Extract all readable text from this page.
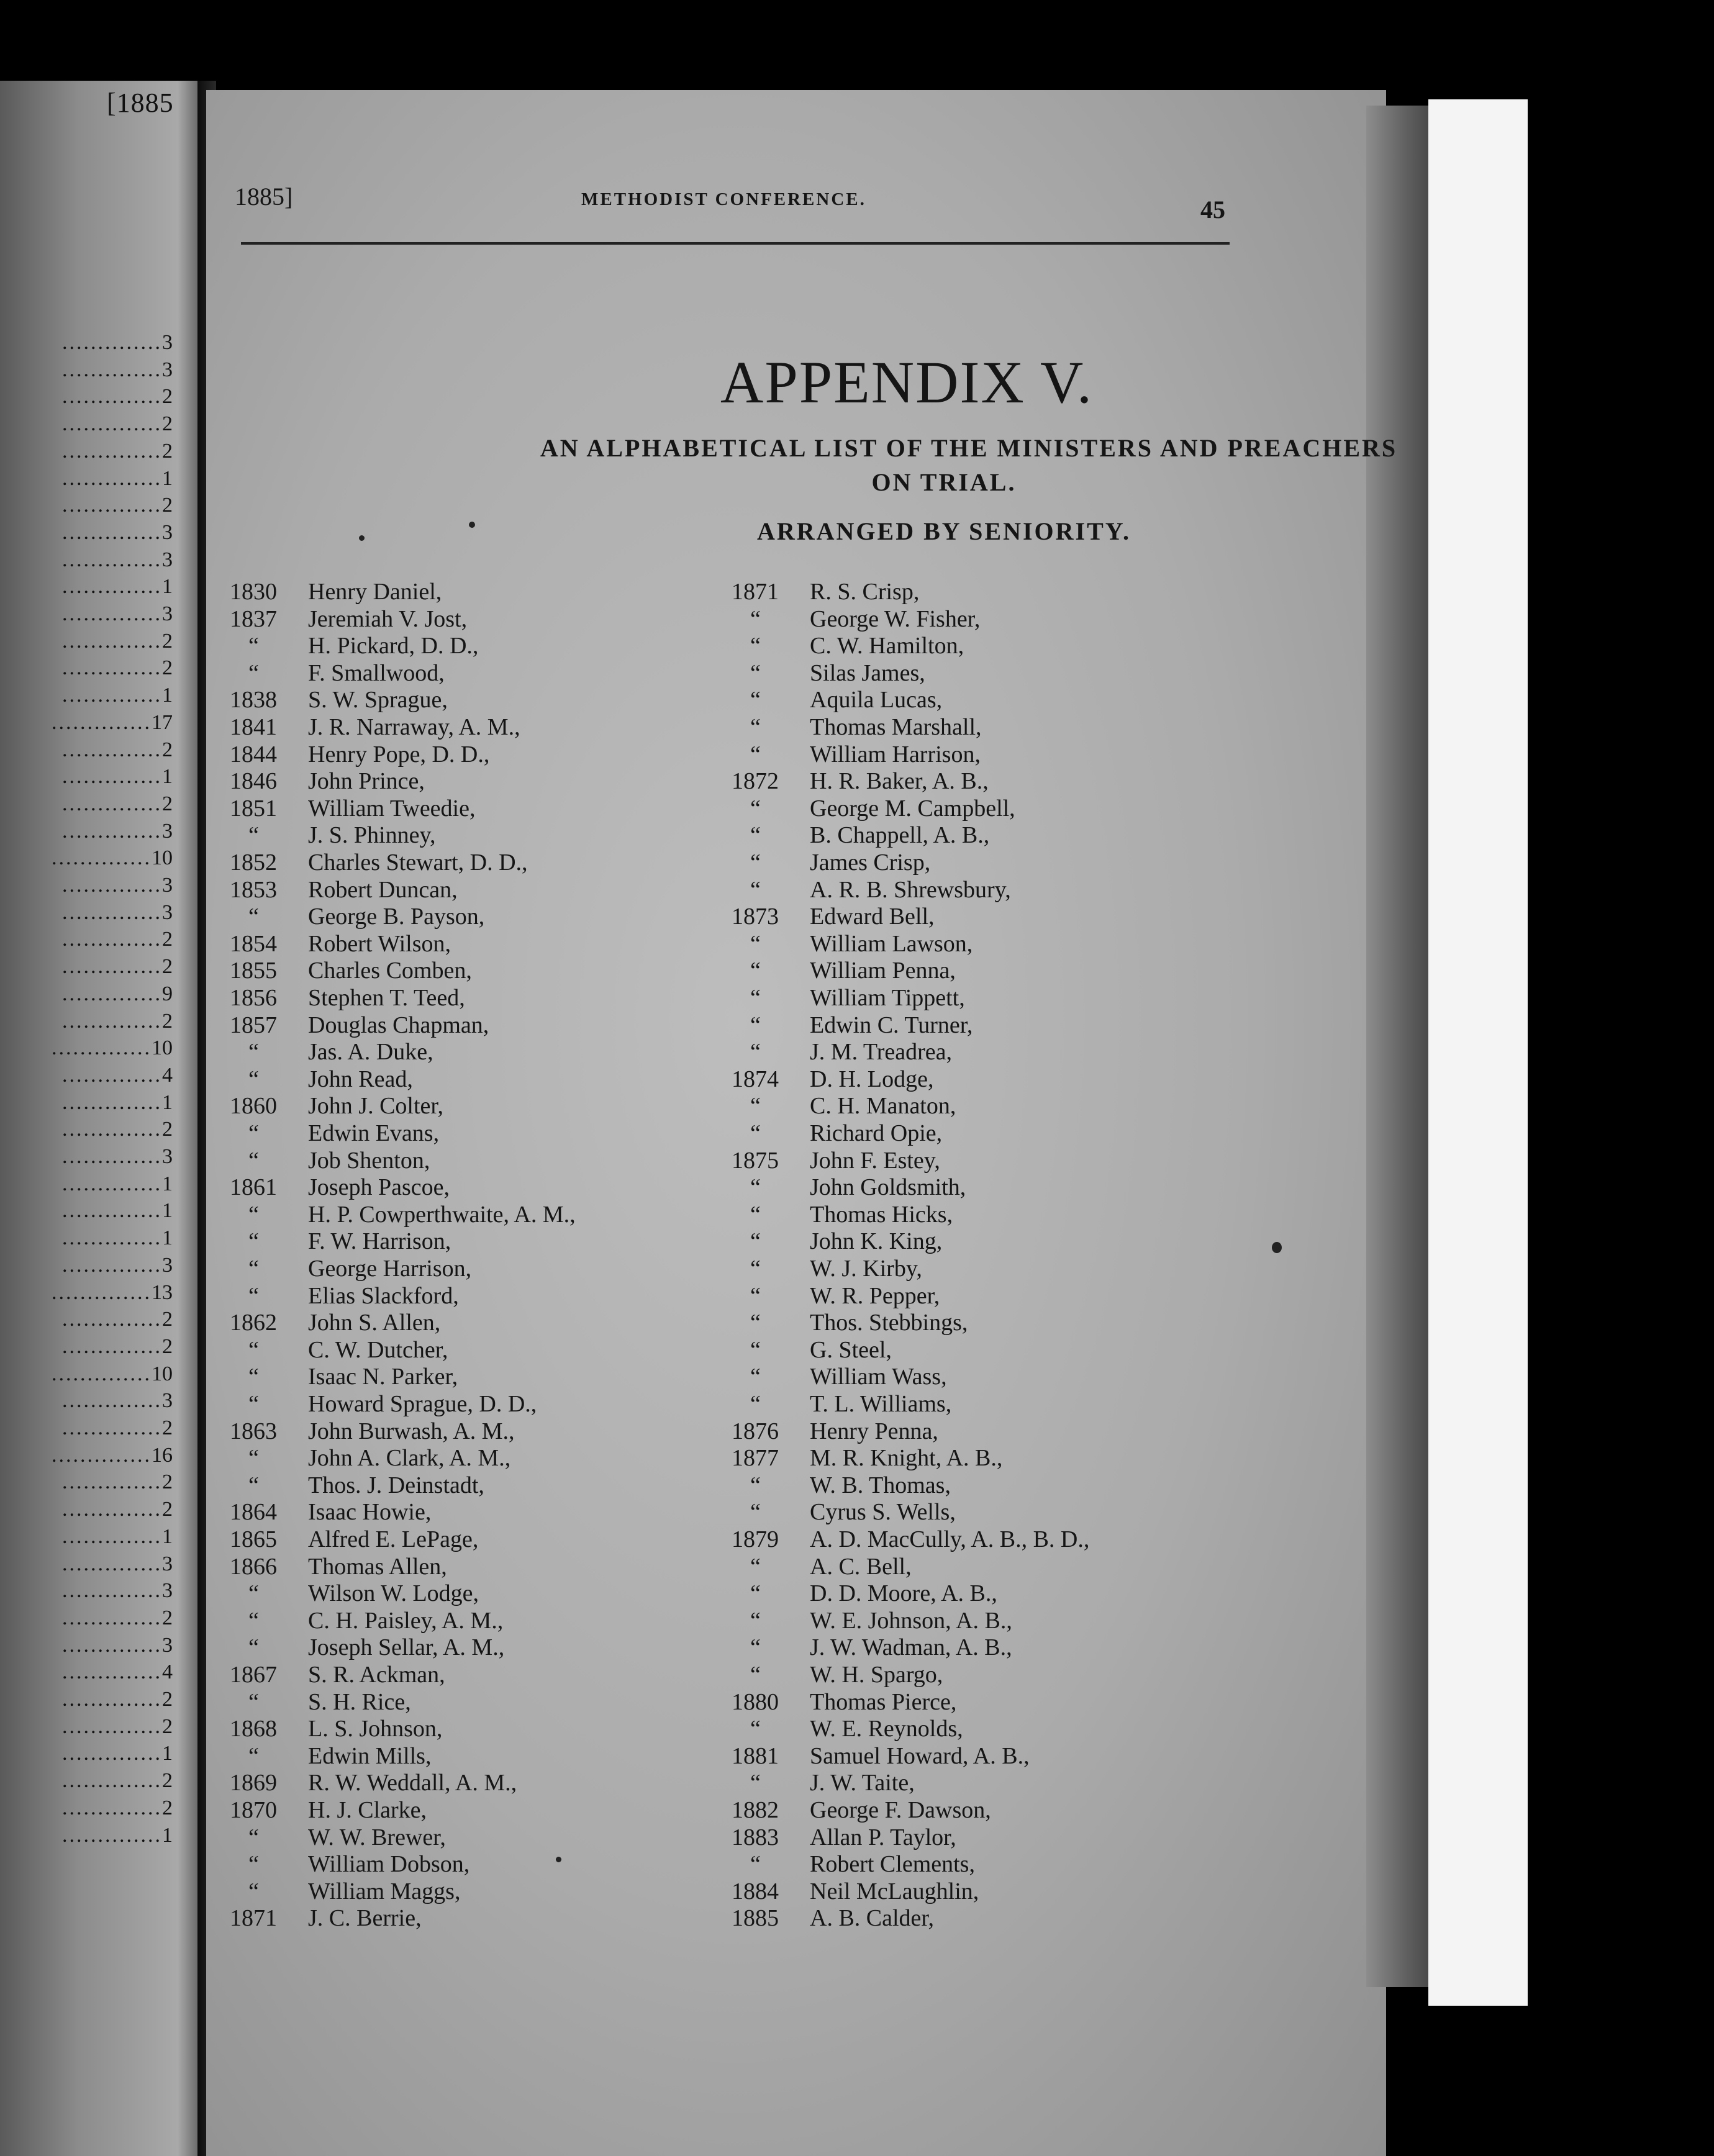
[1885
..............3
..............3
..............2
..............2
..............2
..............1
..............2
..............3
..............3
..............1
..............3
..............2
..............2
..............1
..............17
..............2
..............1
..............2
..............3
..............10
..............3
..............3
..............2
..............2
..............9
..............2
..............10
..............4
..............1
..............2
..............3
..............1
..............1
..............1
..............3
..............13
..............2
..............2
..............10
..............3
..............2
..............16
..............2
..............2
..............1
..............3
..............3
..............2
..............3
..............4
..............2
..............2
..............1
..............2
..............2
..............1
1885]	METHODIST CONFERENCE.	45
APPENDIX V.
AN ALPHABETICAL LIST OF THE MINISTERS AND PREACHERS
ON TRIAL.
ARRANGED BY SENIORITY.
1830	Henry Daniel,
1837	Jeremiah V. Jost,
“	H. Pickard, D. D.,
“	F. Smallwood,
1838	S. W. Sprague,
1841	J. R. Narraway, A. M.,
1844	Henry Pope, D. D.,
1846	John Prince,
1851	William Tweedie,
“	J. S. Phinney,
1852	Charles Stewart, D. D.,
1853	Robert Duncan,
“	George B. Payson,
1854	Robert Wilson,
1855	Charles Comben,
1856	Stephen T. Teed,
1857	Douglas Chapman,
“	Jas. A. Duke,
“	John Read,
1860	John J. Colter,
“	Edwin Evans,
“	Job Shenton,
1861	Joseph Pascoe,
“	H. P. Cowperthwaite, A. M.,
“	F. W. Harrison,
“	George Harrison,
“	Elias Slackford,
1862	John S. Allen,
“	C. W. Dutcher,
“	Isaac N. Parker,
“	Howard Sprague, D. D.,
1863	John Burwash, A. M.,
“	John A. Clark, A. M.,
“	Thos. J. Deinstadt,
1864	Isaac Howie,
1865	Alfred E. LePage,
1866	Thomas Allen,
“	Wilson W. Lodge,
“	C. H. Paisley, A. M.,
“	Joseph Sellar, A. M.,
1867	S. R. Ackman,
“	S. H. Rice,
1868	L. S. Johnson,
“	Edwin Mills,
1869	R. W. Weddall, A. M.,
1870	H. J. Clarke,
“	W. W. Brewer,
“	William Dobson,
“	William Maggs,
1871	J. C. Berrie,
1871	R. S. Crisp,
“	George W. Fisher,
“	C. W. Hamilton,
“	Silas James,
“	Aquila Lucas,
“	Thomas Marshall,
“	William Harrison,
1872	H. R. Baker, A. B.,
“	George M. Campbell,
“	B. Chappell, A. B.,
“	James Crisp,
“	A. R. B. Shrewsbury,
1873	Edward Bell,
“	William Lawson,
“	William Penna,
“	William Tippett,
“	Edwin C. Turner,
“	J. M. Treadrea,
1874	D. H. Lodge,
“	C. H. Manaton,
“	Richard Opie,
1875	John F. Estey,
“	John Goldsmith,
“	Thomas Hicks,
“	John K. King,
“	W. J. Kirby,
“	W. R. Pepper,
“	Thos. Stebbings,
“	G. Steel,
“	William Wass,
“	T. L. Williams,
1876	Henry Penna,
1877	M. R. Knight, A. B.,
“	W. B. Thomas,
“	Cyrus S. Wells,
1879	A. D. MacCully, A. B., B. D.,
“	A. C. Bell,
“	D. D. Moore, A. B.,
“	W. E. Johnson, A. B.,
“	J. W. Wadman, A. B.,
“	W. H. Spargo,
1880	Thomas Pierce,
“	W. E. Reynolds,
1881	Samuel Howard, A. B.,
“	J. W. Taite,
1882	George F. Dawson,
1883	Allan P. Taylor,
“	Robert Clements,
1884	Neil McLaughlin,
1885	A. B. Calder,
